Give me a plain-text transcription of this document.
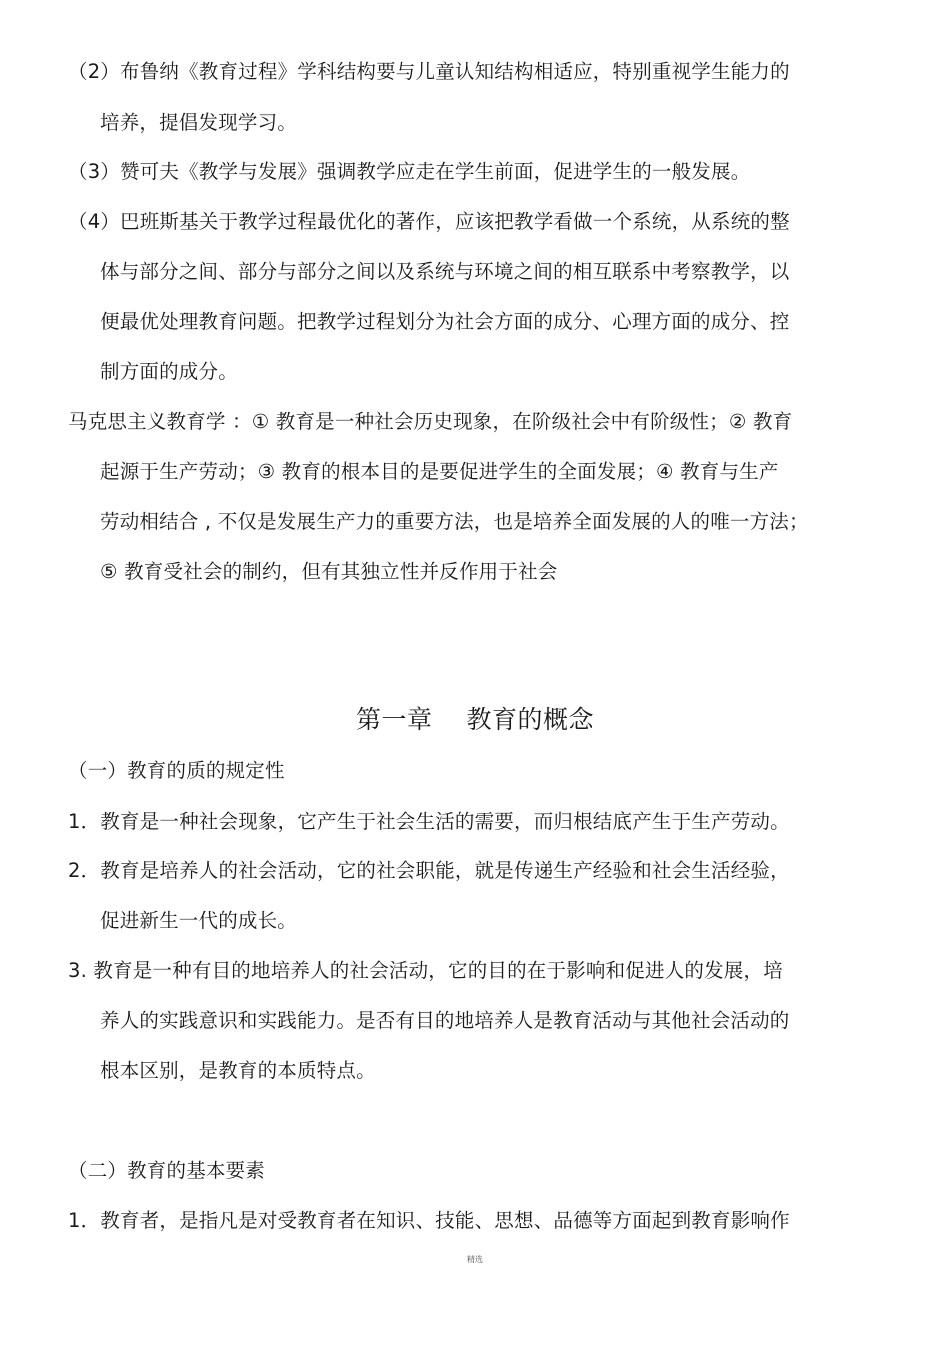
（2）布鲁纳《教育过程》学科结构要与儿童认知结构相适应，特别重视学生能力的
培养，提倡发现学习。
（3）赞可夫《教学与发展》强调教学应走在学生前面，促进学生的一般发展。
（4）巴班斯基关于教学过程最优化的著作，应该把教学看做一个系统，从系统的整
体与部分之间、部分与部分之间以及系统与环境之间的相互联系中考察教学，以
便最优处理教育问题。把教学过程划分为社会方面的成分、心理方面的成分、控
制方面的成分。
马克思主义教育学 ：① 教育是一种社会历史现象，在阶级社会中有阶级性；② 教育
起源于生产劳动；③ 教育的根本目的是要促进学生的全面发展；④ 教育与生产
劳动相结合 , 不仅是发展生产力的重要方法，也是培养全面发展的人的唯一方法；
⑤ 教育受社会的制约，但有其独立性并反作用于社会
第一章 教育的概念
（一）教育的质的规定性
1．教育是一种社会现象，它产生于社会生活的需要，而归根结底产生于生产劳动。
2．教育是培养人的社会活动，它的社会职能，就是传递生产经验和社会生活经验，
促进新生一代的成长。
3. 教育是一种有目的地培养人的社会活动，它的目的在于影响和促进人的发展，培
养人的实践意识和实践能力。是否有目的地培养人是教育活动与其他社会活动的
根本区别，是教育的本质特点。
（二）教育的基本要素
1．教育者，是指凡是对受教育者在知识、技能、思想、品德等方面起到教育影响作
精选
